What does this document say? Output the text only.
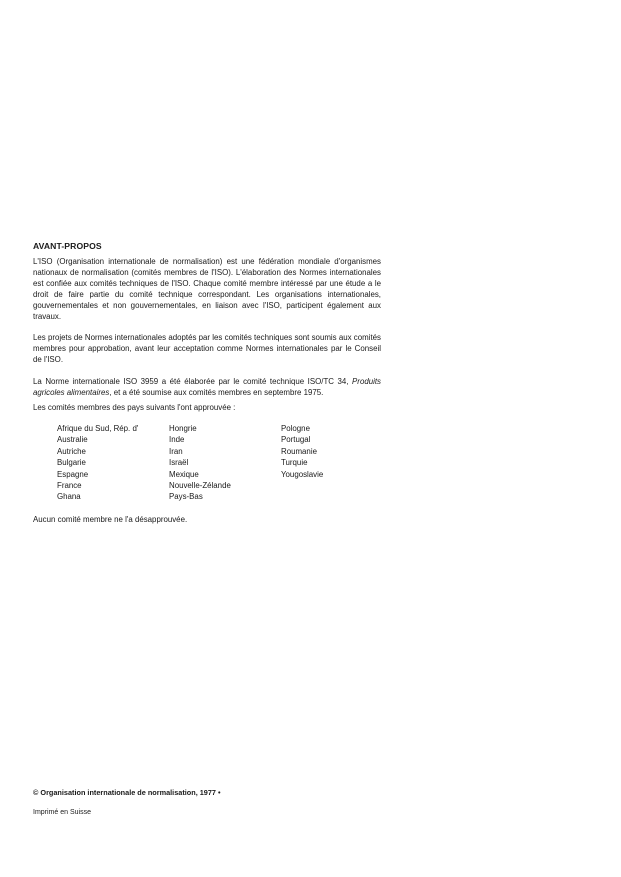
AVANT-PROPOS

L'ISO (Organisation internationale de normalisation) est une fédération mondiale d'organismes nationaux de normalisation (comités membres de l'ISO). L'élaboration des Normes internationales est confiée aux comités techniques de l'ISO. Chaque comité membre intéressé par une étude a le droit de faire partie du comité technique correspondant. Les organisations internationales, gouvernementales et non gouvernementales, en liaison avec l'ISO, participent également aux travaux.

Les projets de Normes internationales adoptés par les comités techniques sont soumis aux comités membres pour approbation, avant leur acceptation comme Normes internationales par le Conseil de l'ISO.

La Norme internationale ISO 3959 a été élaborée par le comité technique ISO/TC 34, Produits agricoles alimentaires, et a été soumise aux comités membres en septembre 1975.

Les comités membres des pays suivants l'ont approuvée :
Afrique du Sud, Rép. d'
Australie
Autriche
Bulgarie
Espagne
France
Ghana
Hongrie
Inde
Iran
Israël
Mexique
Nouvelle-Zélande
Pays-Bas
Pologne
Portugal
Roumanie
Turquie
Yougoslavie
Aucun comité membre ne l'a désapprouvée.
© Organisation internationale de normalisation, 1977 •
Imprimé en Suisse
